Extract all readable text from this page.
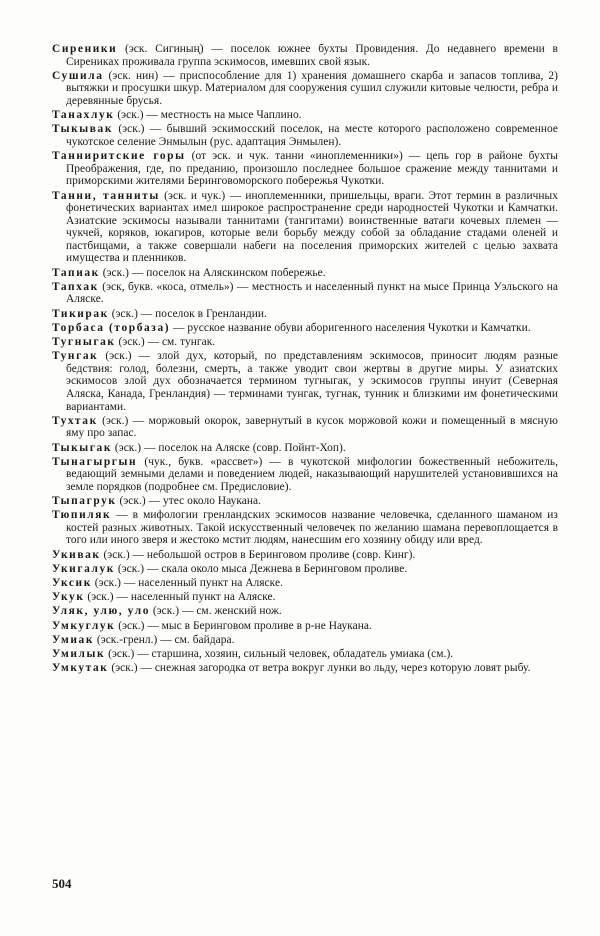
Сиреники (эск. Сигиның) — поселок южнее бухты Провидения. До недавнего времени в Сирениках проживала группа эскимосов, имевших свой язык.

Сушила (эск. нин) — приспособление для 1) хранения домашнего скарба и запасов топлива, 2) вытяжки и просушки шкур. Материалом для сооружения сушил служили китовые челюсти, ребра и деревянные брусья.

Танахлук (эск.) — местность на мысе Чаплино.

Тыкывак (эск.) — бывший эскимосский поселок, на месте которого расположено современное чукотское селение Энмылын (рус. адаптация Энмылен).

Танниритские горы (от эск. и чук. танни «иноплеменники») — цепь гор в районе бухты Преображения, где, по преданию, произошло последнее большое сражение между таннитами и приморскими жителями Беринговоморского побережья Чукотки.

Танни, танниты (эск. и чук.) — иноплеменники, пришельцы, враги. Этот термин в различных фонетических вариантах имел широкое распространение среди народностей Чукотки и Камчатки. Азиатские эскимосы называли таннитами (тангитами) воинственные ватаги кочевых племен — чукчей, коряков, юкагиров, которые вели борьбу между собой за обладание стадами оленей и пастбищами, а также совершали набеги на поселения приморских жителей с целью захвата имущества и пленников.

Тапиак (эск.) — поселок на Аляскинском побережье.

Тапхак (эск, букв. «коса, отмель») — местность и населенный пункт на мысе Принца Уэльского на Аляске.

Тикирак (эск.) — поселок в Гренландии.

Торбаса (торбаза) — русское название обуви аборигенного населения Чукотки и Камчатки.

Тугныгак (эск.) — см. тунгак.

Тунгак (эск.) — злой дух, который, по представлениям эскимосов, приносит людям разные бедствия: голод, болезни, смерть, а также уводит свои жертвы в другие миры. У азиатских эскимосов злой дух обозначается термином тугныгак, у эскимосов группы инуит (Северная Аляска, Канада, Гренландия) — терминами тунгак, тугнак, тунник и близкими им фонетическими вариантами.

Тухтак (эск.) — моржовый окорок, завернутый в кусок моржовой кожи и помещенный в мясную яму про запас.

Тыкыгак (эск.) — поселок на Аляске (совр. Пойнт-Хоп).

Тынагыргын (чук., букв. «рассвет») — в чукотской мифологии божественный небожитель, ведающий земными делами и поведением людей, наказывающий нарушителей установившихся на земле порядков (подробнее см. Предисловие).

Тыпагрук (эск.) — утес около Наукана.

Тюпиляк — в мифологии гренландских эскимосов название человечка, сделанного шаманом из костей разных животных. Такой искусственный человечек по желанию шамана перевоплощается в того или иного зверя и жестоко мстит людям, нанесшим его хозяину обиду или вред.

Укивак (эск.) — небольшой остров в Беринговом проливе (совр. Кинг).

Укигалук (эск.) — скала около мыса Дежнева в Беринговом проливе.

Уксик (эск.) — населенный пункт на Аляске.

Укук (эск.) — населенный пункт на Аляске.

Уляк, улю, уло (эск.) — см. женский нож.

Умкуглук (эск.) — мыс в Беринговом проливе в р-не Наукана.

Умиак (эск.-гренл.) — см. байдара.

Умилык (эск.) — старшина, хозяин, сильный человек, обладатель умиака (см.).

Умкутак (эск.) — снежная загородка от ветра вокруг лунки во льду, через которую ловят рыбу.

504
